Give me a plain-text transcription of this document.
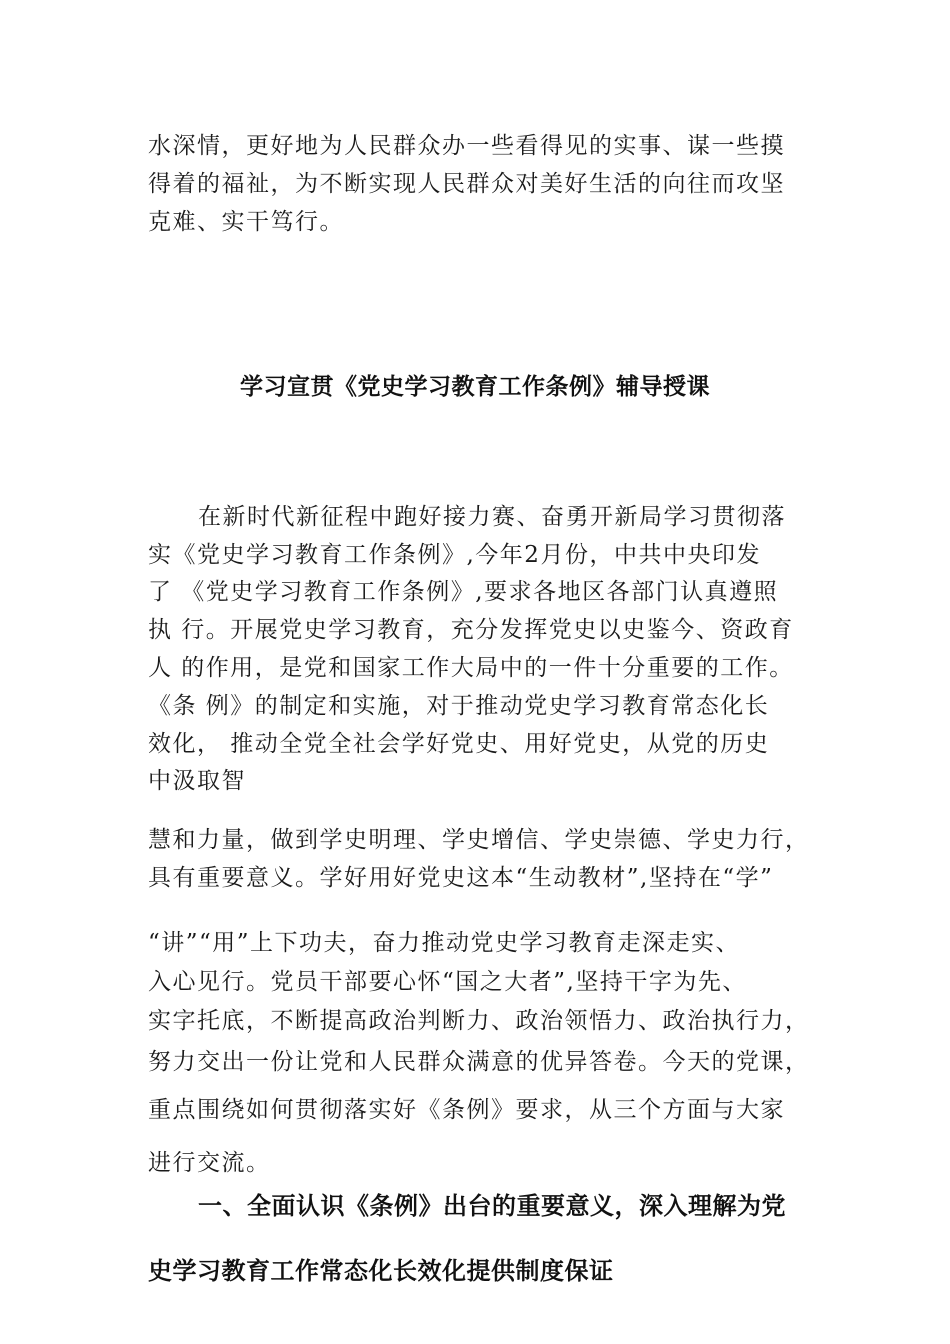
水深情，更好地为人民群众办一些看得见的实事、谋一些摸
得着的福祉，为不断实现人民群众对美好生活的向往而攻坚
克难、实干笃行。
学习宣贯《党史学习教育工作条例》辅导授课
在新时代新征程中跑好接力赛、奋勇开新局学习贯彻落
实《党史学习教育工作条例》,今年2月份，中共中央印发
了 《党史学习教育工作条例》,要求各地区各部门认真遵照
执 行。开展党史学习教育，充分发挥党史以史鉴今、资政育
人 的作用，是党和国家工作大局中的一件十分重要的工作。
《条 例》的制定和实施，对于推动党史学习教育常态化长
效化， 推动全党全社会学好党史、用好党史，从党的历史
中汲取智
慧和力量，做到学史明理、学史增信、学史崇德、学史力行，
具有重要意义。学好用好党史这本“生动教材”,坚持在“学”
“讲”“用”上下功夫，奋力推动党史学习教育走深走实、
入心见行。党员干部要心怀“国之大者”,坚持干字为先、
实字托底，不断提高政治判断力、政治领悟力、政治执行力，
努力交出一份让党和人民群众满意的优异答卷。今天的党课，
重点围绕如何贯彻落实好《条例》要求，从三个方面与大家
进行交流。
一、全面认识《条例》出台的重要意义，深入理解为党
史学习教育工作常态化长效化提供制度保证
